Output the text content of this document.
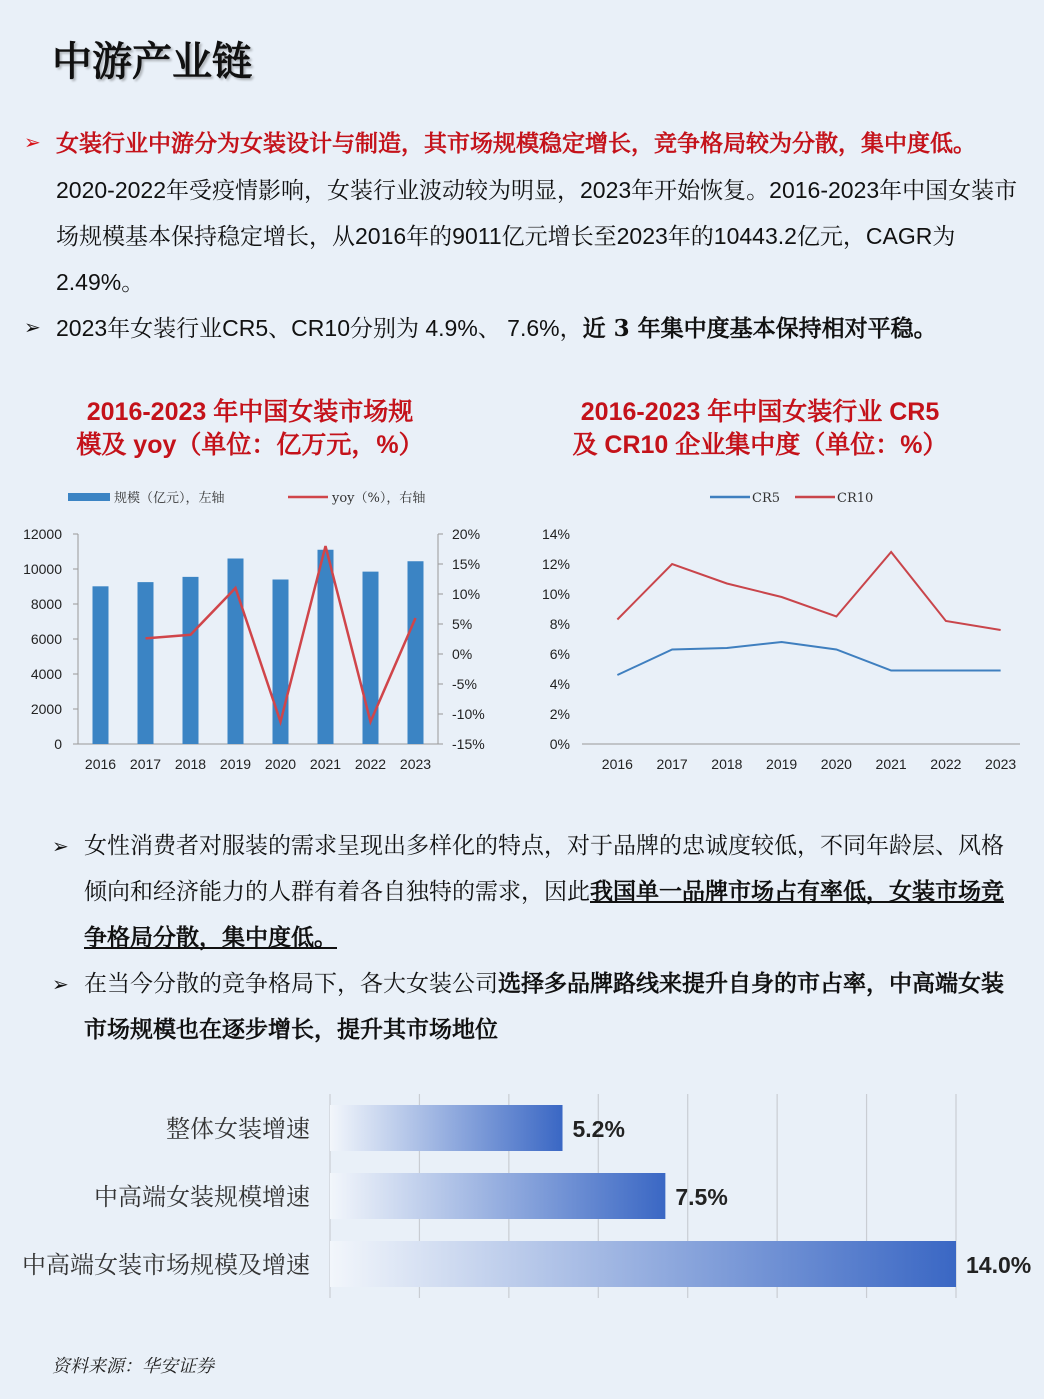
中游产业链
➢ 女装行业中游分为女装设计与制造，其市场规模稳定增长，竞争格局较为分散，集中度低。2020-2022年受疫情影响，女装行业波动较为明显，2023年开始恢复。2016-2023年中国女装市场规模基本保持稳定增长，从2016年的9011亿元增长至2023年的10443.2亿元，CAGR为 2.49%。
➢ 2023年女装行业CR5、CR10分别为 4.9%、 7.6%，近 3 年集中度基本保持相对平稳。
2016-2023 年中国女装市场规
模及 yoy（单位：亿万元，%）
规模（亿元），左轴	yoy（%），右轴
0
2000
4000
6000
8000
10000
12000
-15%
-10%
-5%
0%
5%
10%
15%
20%
2016 2017 2018 2019 2020 2021 2022 2023
2016-2023 年中国女装行业 CR5
及 CR10 企业集中度（单位：%）
CR5	CR10
0%
2%
4%
6%
8%
10%
12%
14%
2016 2017 2018 2019 2020 2021 2022 2023
➢ 女性消费者对服装的需求呈现出多样化的特点，对于品牌的忠诚度较低，不同年龄层、风格倾向和经济能力的人群有着各自独特的需求，因此我国单一品牌市场占有率低，女装市场竞争格局分散，集中度低。
➢ 在当今分散的竞争格局下，各大女装公司选择多品牌路线来提升自身的市占率，中高端女装市场规模也在逐步增长，提升其市场地位
整体女装增速	5.2%
中高端女装规模增速	7.5%
中高端女装市场规模及增速	14.0%
资料来源：华安证券
